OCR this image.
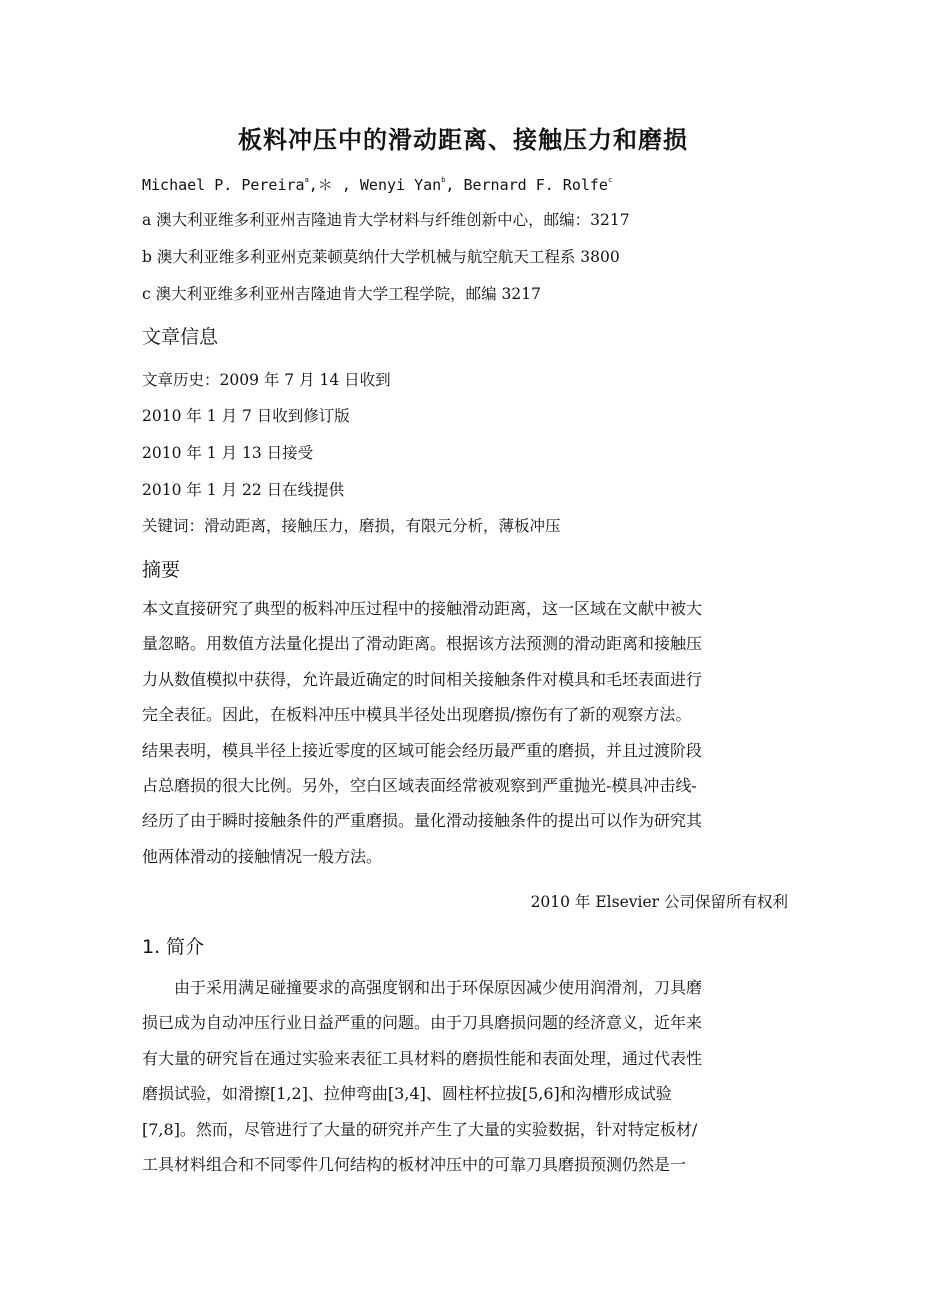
板料冲压中的滑动距离、接触压力和磨损
Michael P. Pereira$^a$,＊ , Wenyi Yan$^b$, Bernard F. Rolfe$^c$
a 澳大利亚维多利亚州吉隆迪肯大学材料与纤维创新中心，邮编：3217
b 澳大利亚维多利亚州克莱顿莫纳什大学机械与航空航天工程系 3800
c 澳大利亚维多利亚州吉隆迪肯大学工程学院，邮编 3217
文章信息
文章历史：2009 年 7 月 14 日收到
2010 年 1 月 7 日收到修订版
2010 年 1 月 13 日接受
2010 年 1 月 22 日在线提供
关键词：滑动距离，接触压力，磨损，有限元分析，薄板冲压
摘要
本文直接研究了典型的板料冲压过程中的接触滑动距离，这一区域在文献中被大
量忽略。用数值方法量化提出了滑动距离。根据该方法预测的滑动距离和接触压
力从数值模拟中获得，允许最近确定的时间相关接触条件对模具和毛坯表面进行
完全表征。因此，在板料冲压中模具半径处出现磨损/擦伤有了新的观察方法。
结果表明，模具半径上接近零度的区域可能会经历最严重的磨损，并且过渡阶段
占总磨损的很大比例。另外，空白区域表面经常被观察到严重抛光-模具冲击线-
经历了由于瞬时接触条件的严重磨损。量化滑动接触条件的提出可以作为研究其
他两体滑动的接触情况一般方法。
2010 年 Elsevier 公司保留所有权利
1. 简介
　　由于采用满足碰撞要求的高强度钢和出于环保原因减少使用润滑剂，刀具磨
损已成为自动冲压行业日益严重的问题。由于刀具磨损问题的经济意义，近年来
有大量的研究旨在通过实验来表征工具材料的磨损性能和表面处理，通过代表性
磨损试验，如滑擦[1,2]、拉伸弯曲[3,4]、圆柱杯拉拔[5,6]和沟槽形成试验
[7,8]。然而，尽管进行了大量的研究并产生了大量的实验数据，针对特定板材/
工具材料组合和不同零件几何结构的板材冲压中的可靠刀具磨损预测仍然是一
